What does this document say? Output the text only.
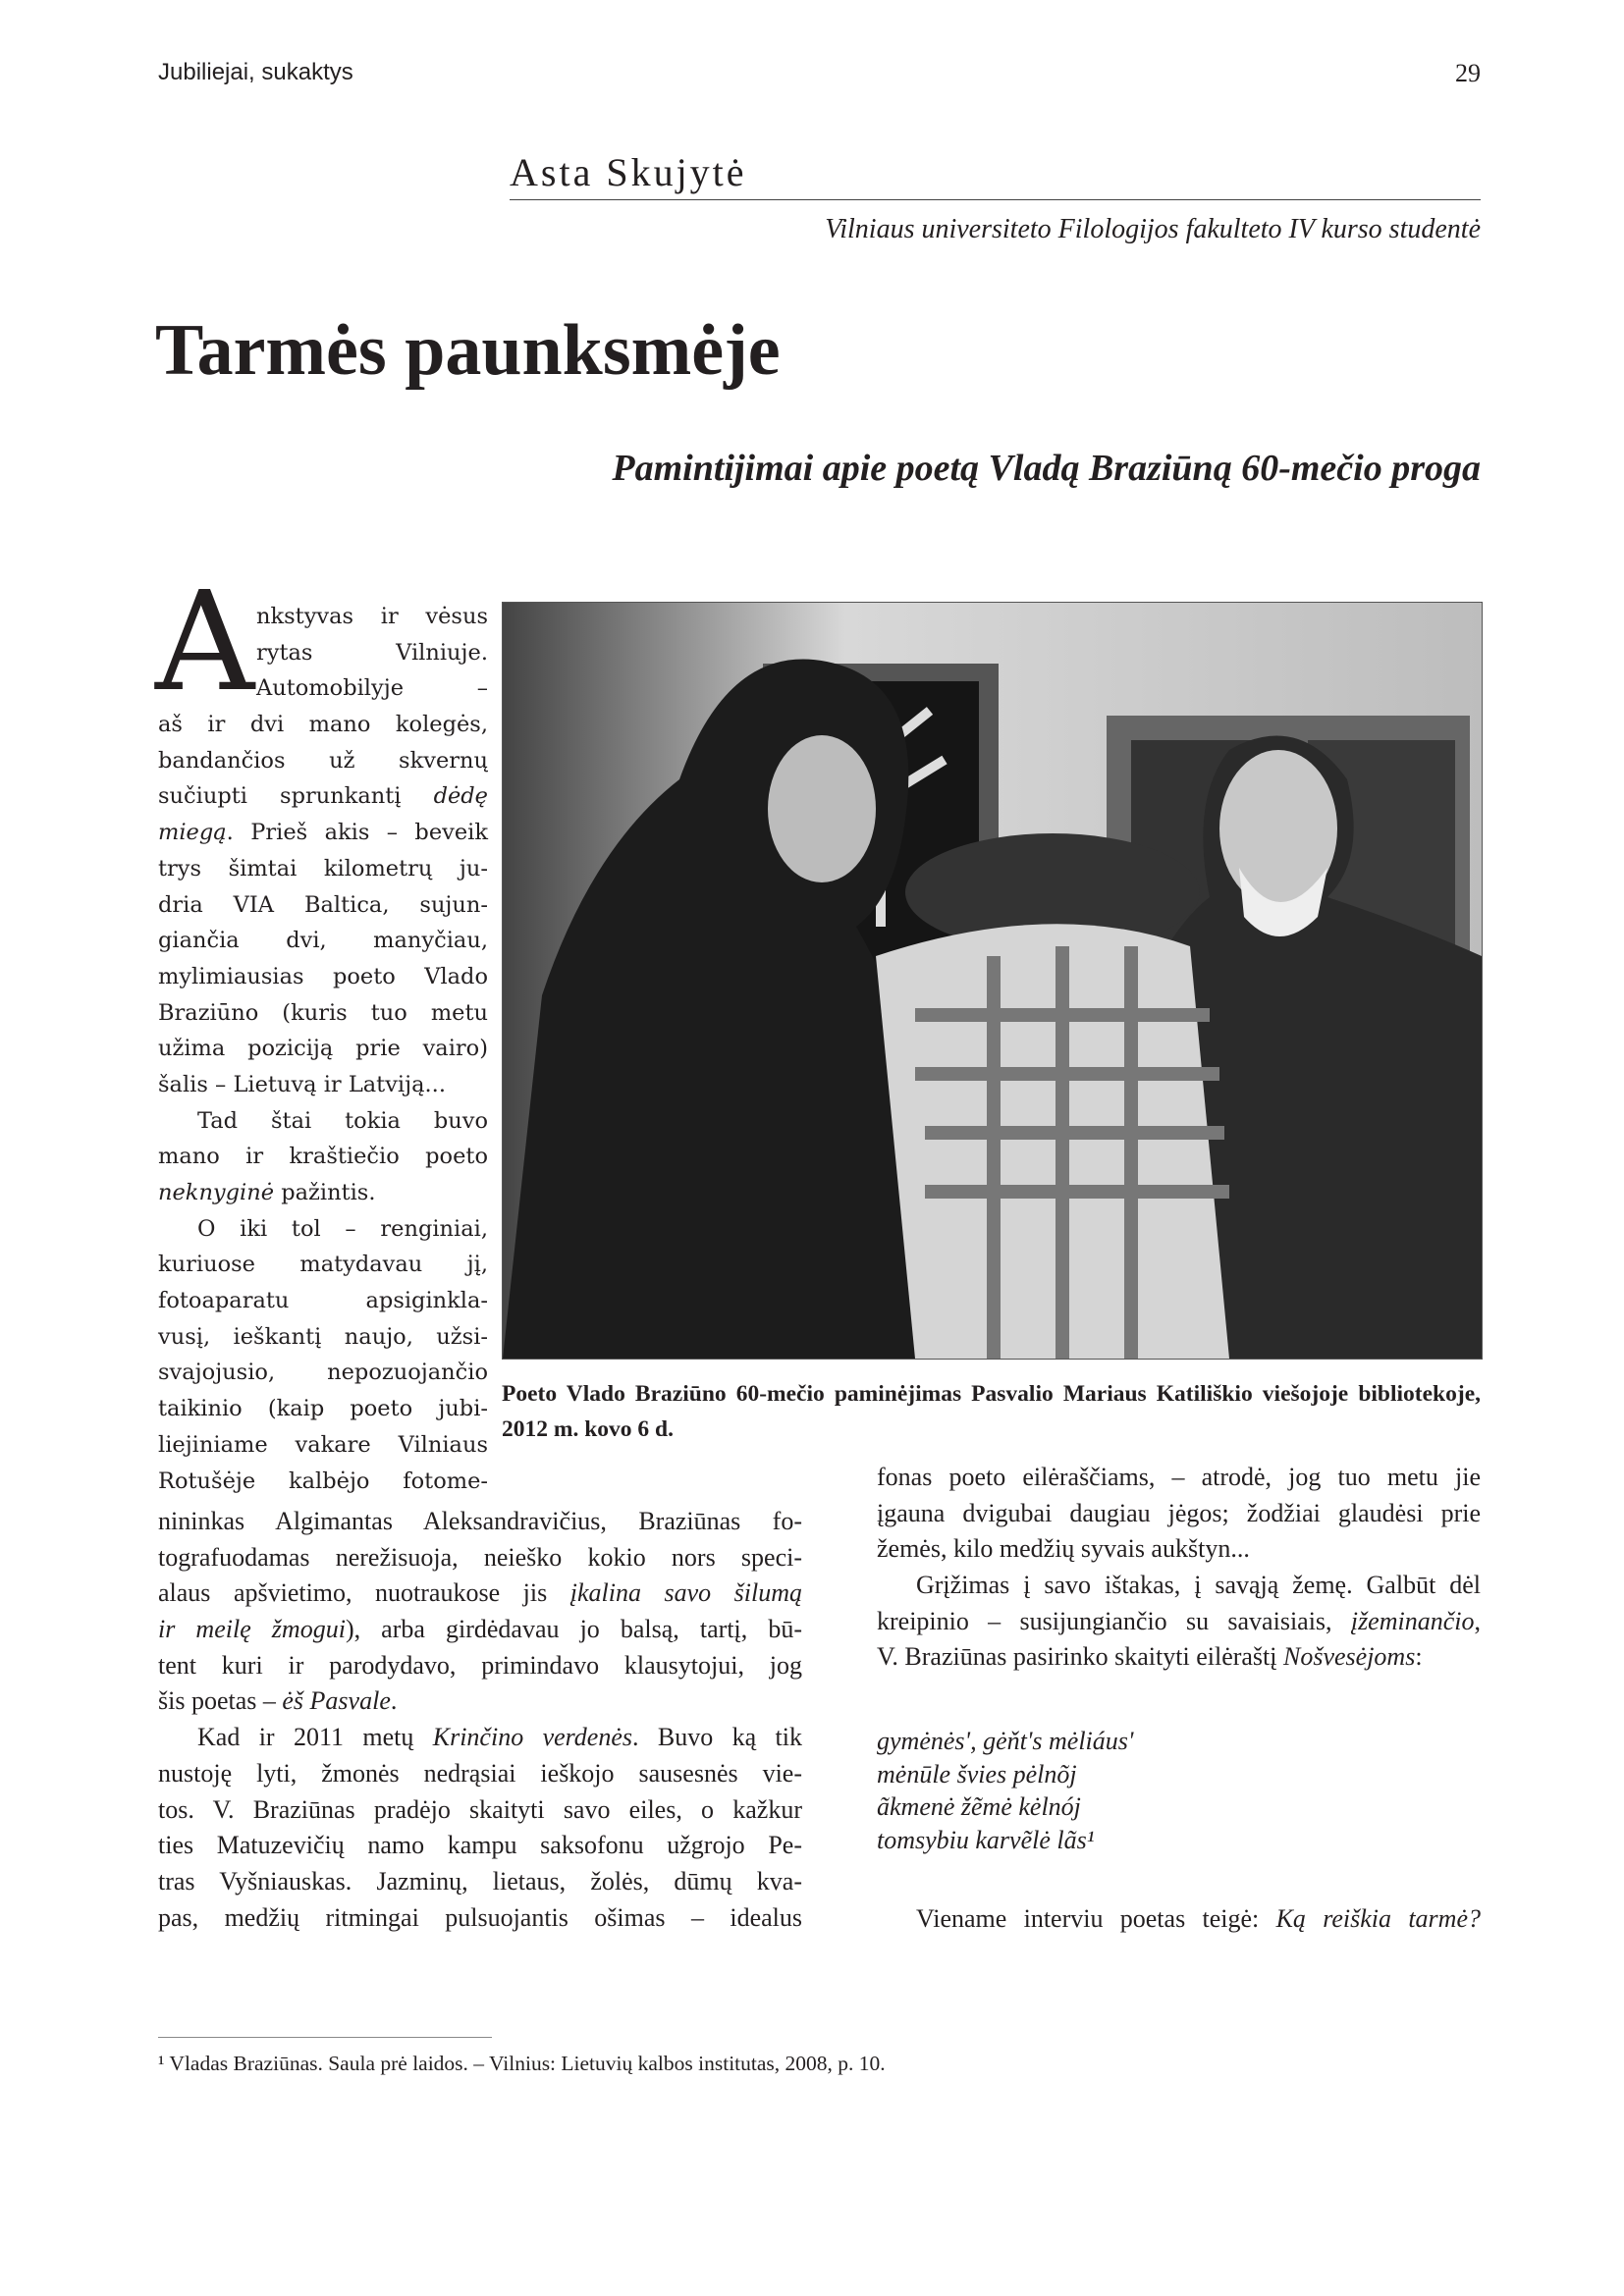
Jubiliejai, sukaktys	29
Asta Skujytė
Vilniaus universiteto Filologijos fakulteto IV kurso studentė
Tarmės paunksmėje
Pamintijimai apie poetą Vladą Braziūną 60-mečio proga
A nkstyvas ir vėsus
rytas Vilniuje.
Automobilyje –
aš ir dvi mano kolegės,
bandančios už skvernų
sučiupti sprunkantį dėdę
miegą. Prieš akis – beveik
trys šimtai kilometrų ju-
dria VIA Baltica, sujun-
giančia dvi, manyčiau,
mylimiausias poeto Vlado
Braziūno (kuris tuo metu
užima poziciją prie vairo)
šalis – Lietuvą ir Latviją...
Tad štai tokia buvo
mano ir kraštiečio poeto
neknyginė pažintis.
O iki tol – renginiai,
kuriuose matydavau jį,
fotoaparatu apsiginkla-
vusį, ieškantį naujo, užsi-
svajojusio, nepozuojančio
taikinio (kaip poeto jubi-
liejiniame vakare Vilniaus
Rotušėje kalbėjo fotome-
nininkas Algimantas Aleksandravičius, Braziūnas fo-
tografuodamas nerežisuoja, neieško kokio nors speci-
alaus apšvietimo, nuotraukose jis įkalina savo šilumą
ir meilę žmogui), arba girdėdavau jo balsą, tartį, bū-
tent kuri ir parodydavo, primindavo klausytojui, jog
šis poetas – ėš Pasvale.
Kad ir 2011 metų Krinčino verdenės. Buvo ką tik
nustoję lyti, žmonės nedrąsiai ieškojo sausesnės vie-
tos. V. Braziūnas pradėjo skaityti savo eiles, o kažkur
ties Matuzevičių namo kampu saksofonu užgrojo Pe-
tras Vyšniauskas. Jazminų, lietaus, žolės, dūmų kva-
pas, medžių ritmingai pulsuojantis ošimas – idealus
fonas poeto eilėraščiams, – atrodė, jog tuo metu jie
įgauna dvigubai daugiau jėgos; žodžiai glaudėsi prie
žemės, kilo medžių syvais aukštyn...
Grįžimas į savo ištakas, į savąją žemę. Galbūt dėl
kreipinio – susijungiančio su savaisiais, įžeminančio,
V. Braziūnas pasirinko skaityti eilėraštį Nošvesėjoms:
gymėnės', gėňt's mėliáus'
mėnūle švies pėlnõj
ãkmenė žẽmė kėlnój
tomsybiu karvẽlė lãs¹
Viename interviu poetas teigė: Ką reiškia tarmė?
Poeto Vlado Braziūno 60-mečio paminėjimas Pasvalio Mariaus Katiliškio viešojoje bibliotekoje, 2012 m. kovo 6 d.
¹ Vladas Braziūnas. Saula prė laidos. – Vilnius: Lietuvių kalbos institutas, 2008, p. 10.
